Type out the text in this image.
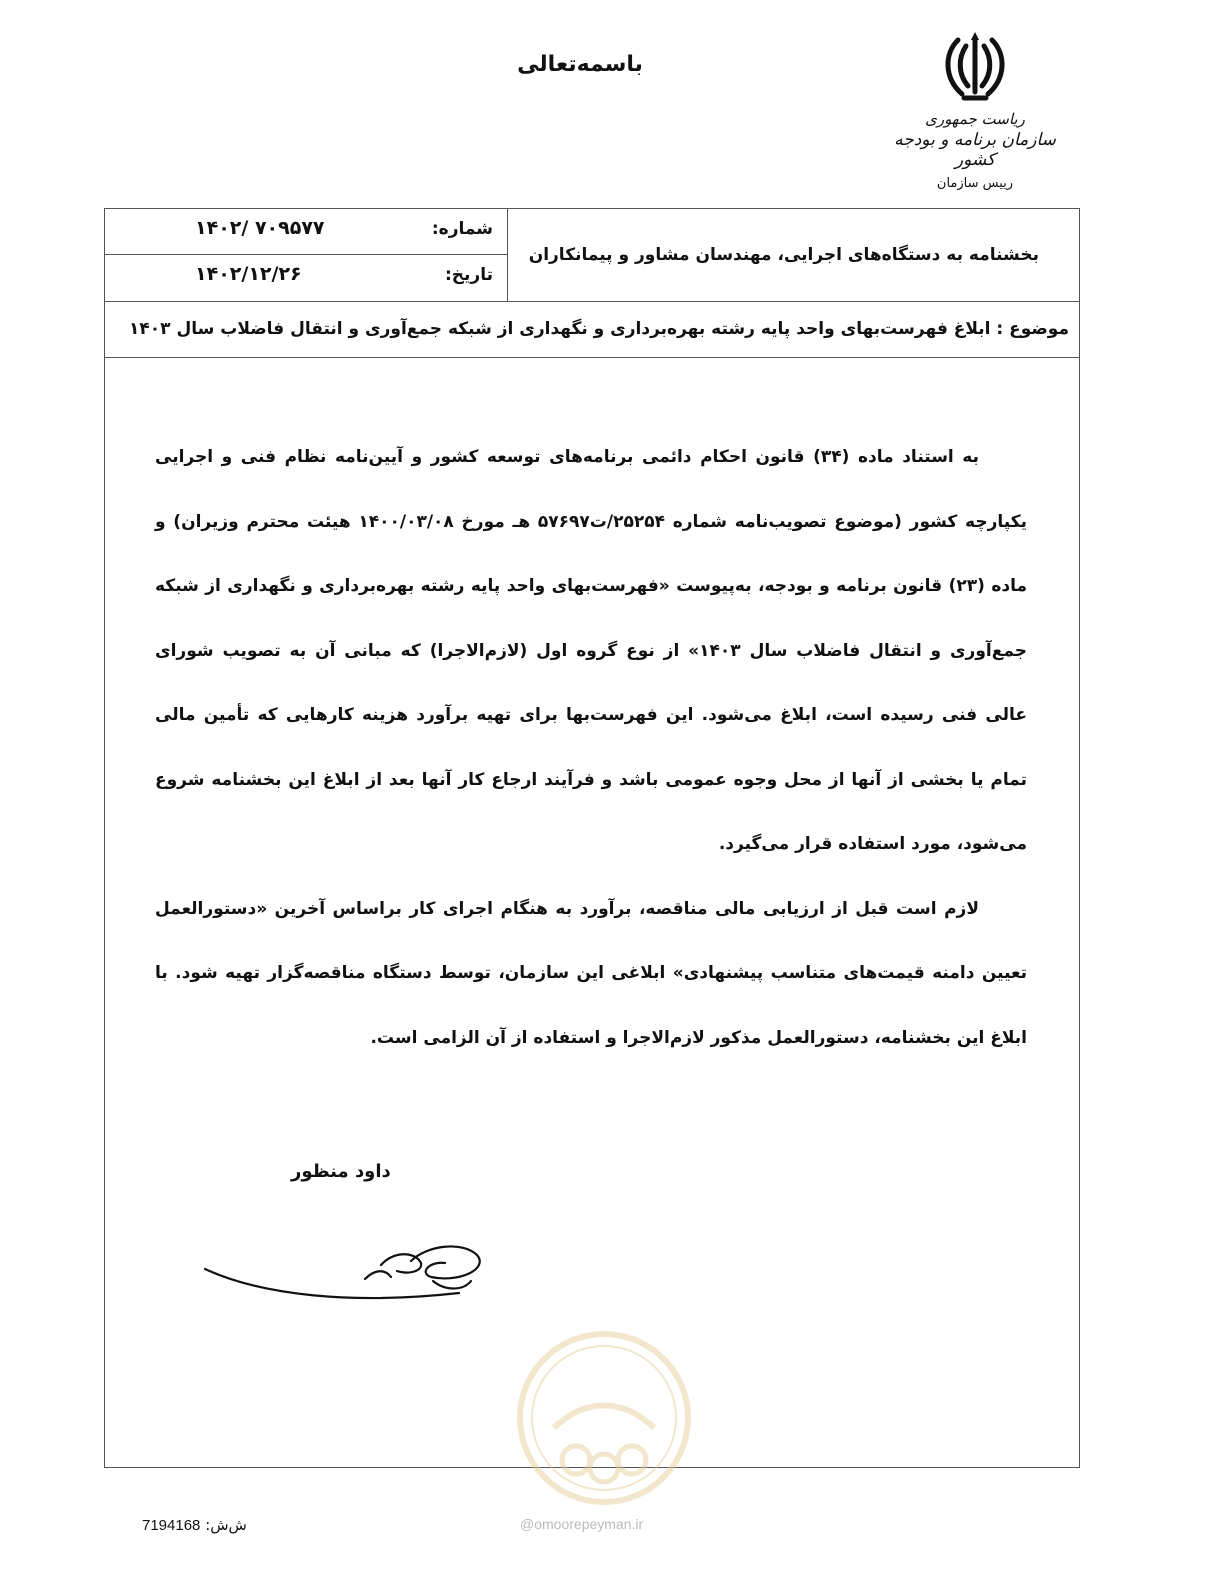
باسمه‌تعالی
ریاست جمهوری
سازمان برنامه و بودجه کشور
رییس سازمان
بخشنامه به دستگاه‌های اجرایی، مهندسان مشاور و پیمانکاران
شماره:
۱۴۰۲/ ۷۰۹۵۷۷
تاریخ:
۱۴۰۲/۱۲/۲۶
موضوع : ابلاغ فهرست‌بهای واحد پایه رشته بهره‌برداری و نگهداری از شبکه جمع‌آوری و انتقال فاضلاب سال ۱۴۰۳

به استناد ماده (۳۴) قانون احکام دائمی برنامه‌های توسعه کشور و آیین‌نامه نظام فنی و اجرایی یکپارچه کشور (موضوع تصویب‌نامه شماره ۲۵۲۵۴/ت۵۷۶۹۷ هـ مورخ ۱۴۰۰/۰۳/۰۸ هیئت محترم وزیران) و ماده (۲۳) قانون برنامه و بودجه، به‌پیوست «فهرست‌بهای واحد پایه رشته بهره‌برداری و نگهداری از شبکه جمع‌آوری و انتقال فاضلاب سال ۱۴۰۳» از نوع گروه اول (لازم‌الاجرا) که مبانی آن به تصویب شورای عالی فنی رسیده است، ابلاغ می‌شود. این فهرست‌بها برای تهیه برآورد هزینه کارهایی که تأمین مالی تمام یا بخشی از آنها از محل وجوه عمومی باشد و فرآیند ارجاع کار آنها بعد از ابلاغ این بخشنامه شروع می‌شود، مورد استفاده قرار می‌گیرد.

لازم است قبل از ارزیابی مالی مناقصه، برآورد به هنگام اجرای کار براساس آخرین «دستورالعمل تعیین دامنه قیمت‌های متناسب پیشنهادی» ابلاغی این سازمان، توسط دستگاه مناقصه‌گزار تهیه شود. با ابلاغ این بخشنامه، دستورالعمل مذکور لازم‌الاجرا و استفاده از آن الزامی است.

داود منظور
ش‌ش: 7194168	@omoorepeyman.ir
